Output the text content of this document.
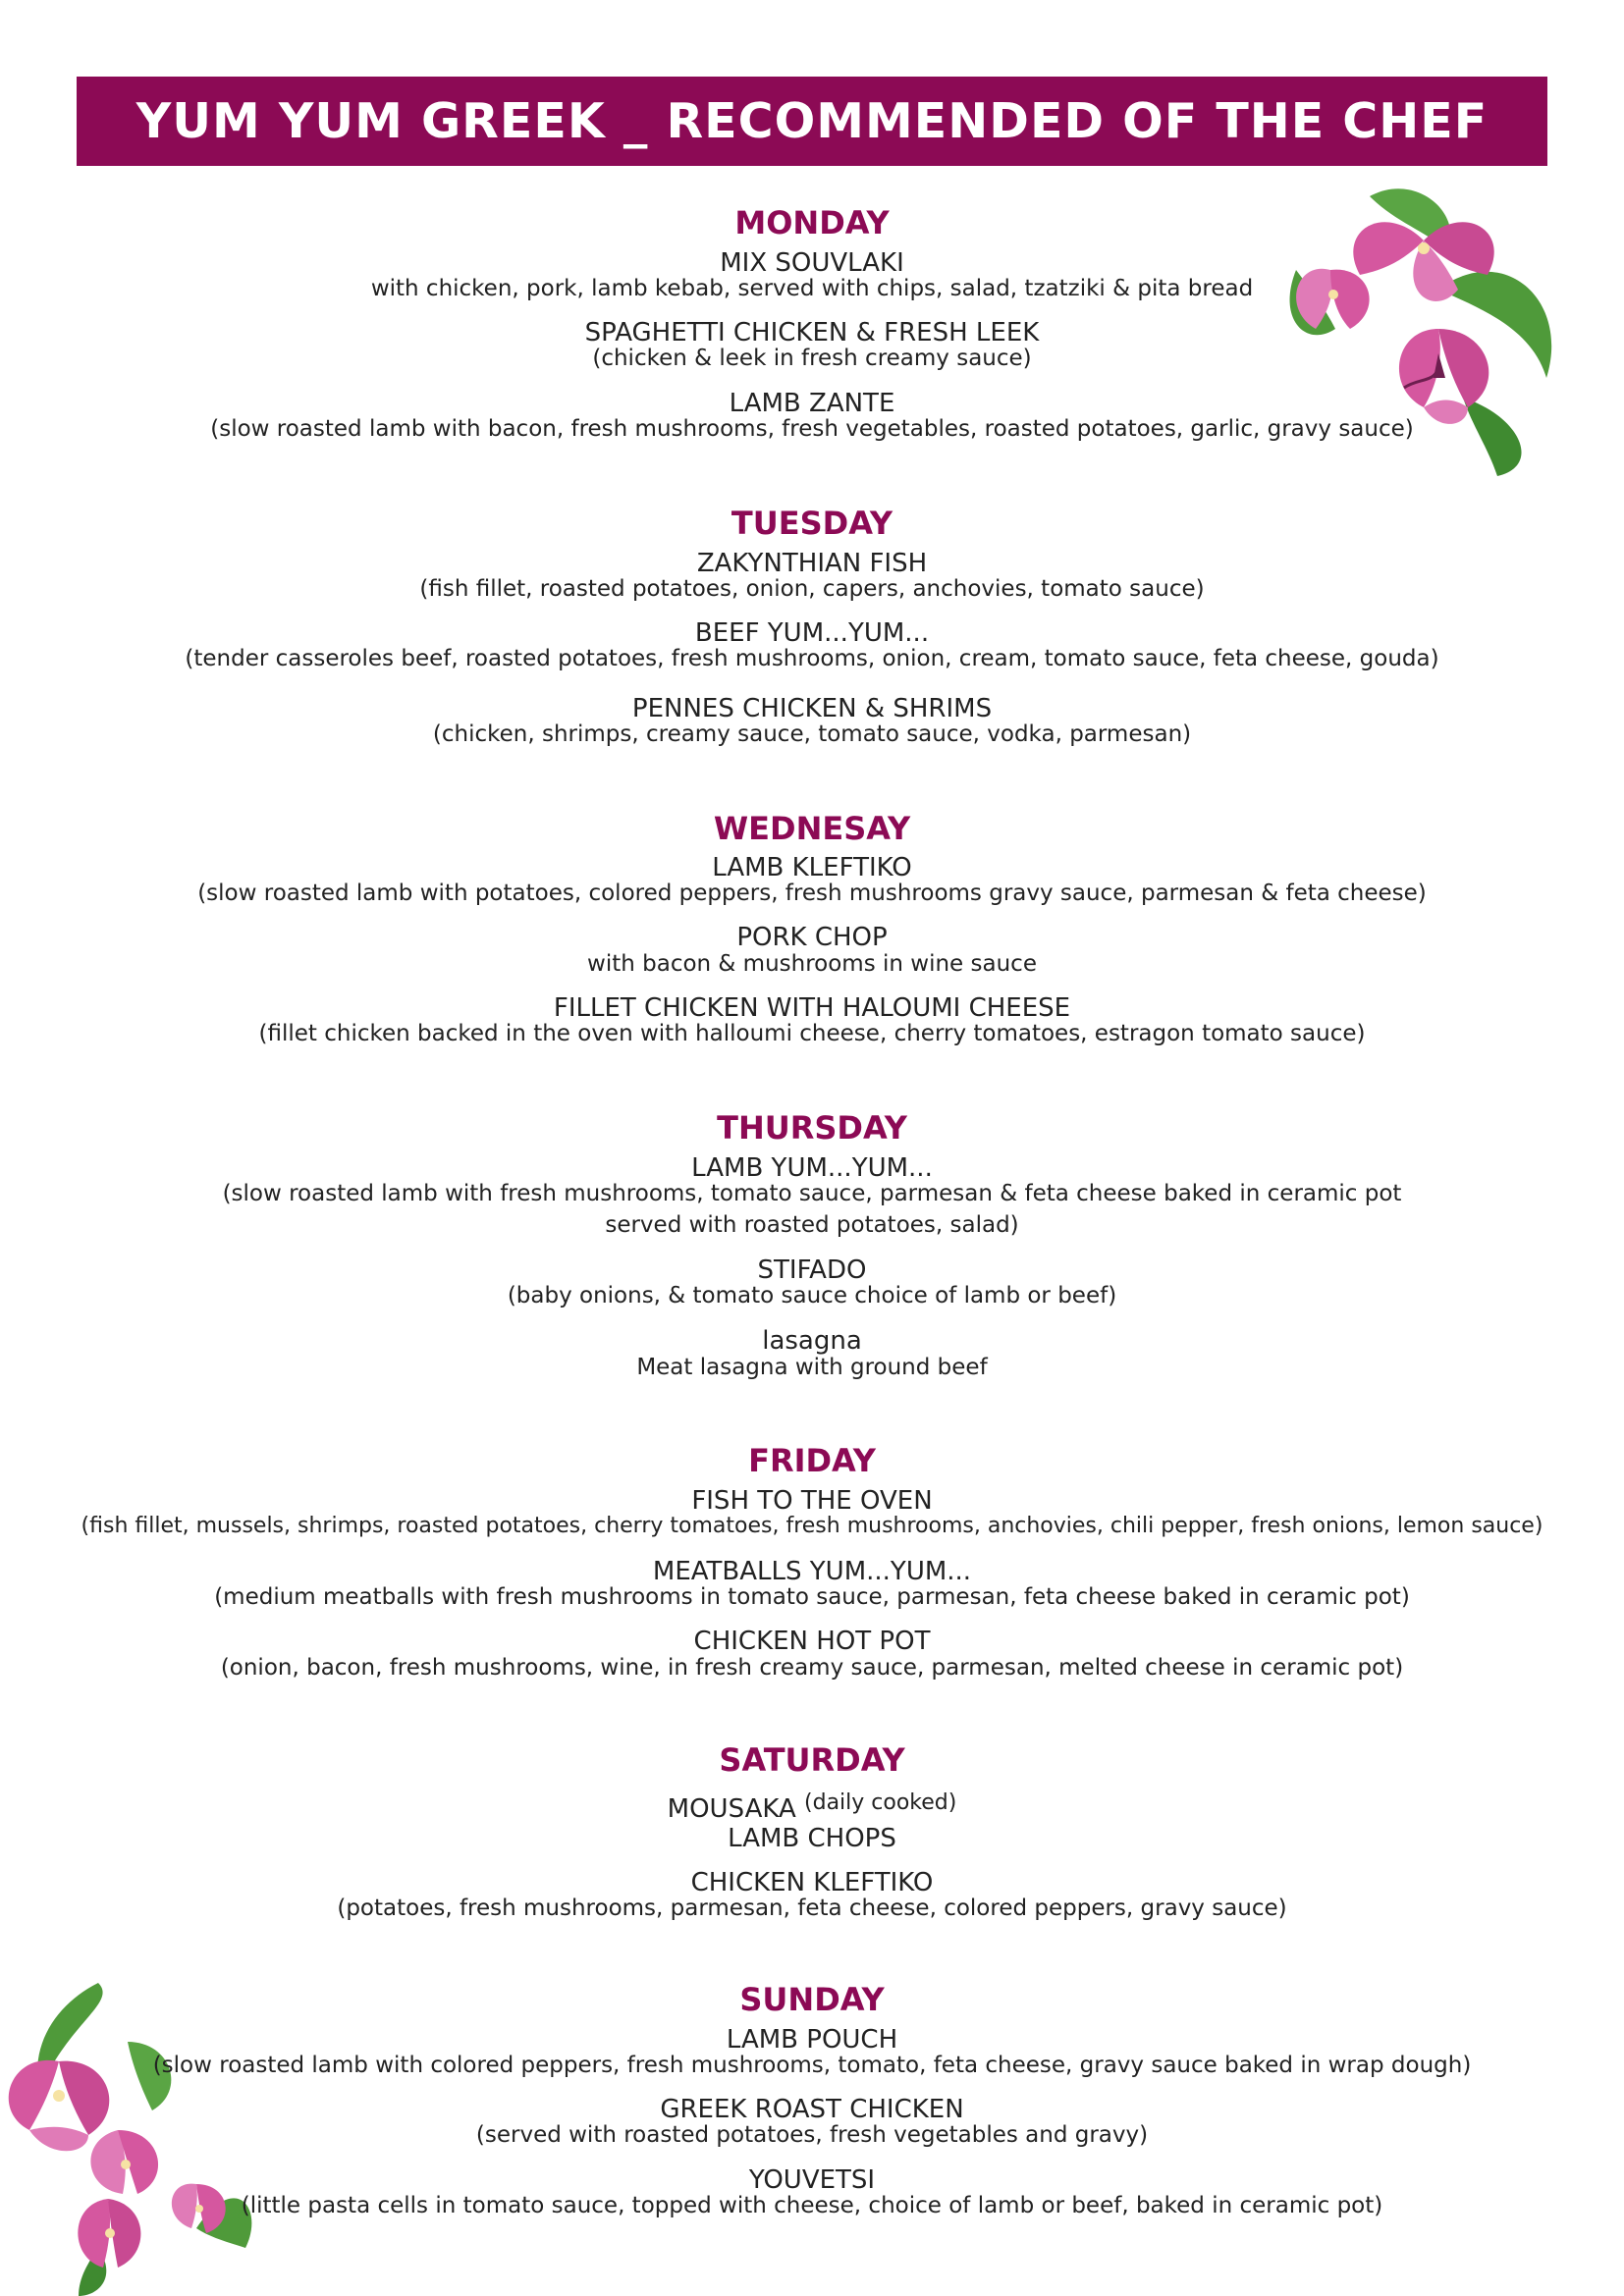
YUM YUM GREEK _ RECOMMENDED OF THE CHEF
MONDAY
MIX SOUVLAKI
with chicken, pork, lamb kebab, served with chips, salad, tzatziki & pita bread
SPAGHETTI CHICKEN & FRESH LEEK
(chicken & leek in fresh creamy sauce)
LAMB ZANTE
(slow roasted lamb with bacon, fresh mushrooms, fresh vegetables, roasted potatoes, garlic, gravy sauce)
TUESDAY
ZAKYNTHIAN FISH
(fish fillet, roasted potatoes, onion, capers, anchovies, tomato sauce)
BEEF YUM...YUM...
(tender casseroles beef, roasted potatoes, fresh mushrooms, onion, cream, tomato sauce, feta cheese, gouda)
PENNES CHICKEN & SHRIMS
(chicken, shrimps, creamy sauce, tomato sauce, vodka, parmesan)
WEDNESAY
LAMB KLEFTIKO
(slow roasted lamb with potatoes, colored peppers, fresh mushrooms gravy sauce, parmesan & feta cheese)
PORK CHOP
with bacon & mushrooms in wine sauce
FILLET CHICKEN WITH HALOUMI CHEESE
(fillet chicken backed in the oven with halloumi cheese, cherry tomatoes, estragon tomato sauce)
THURSDAY
LAMB YUM...YUM...
(slow roasted lamb with fresh mushrooms, tomato sauce, parmesan & feta cheese baked in ceramic pot
served with roasted potatoes, salad)
STIFADO
(baby onions, & tomato sauce choice of lamb or beef)
lasagna
Meat lasagna with ground beef
FRIDAY
FISH TO THE OVEN
(fish fillet, mussels, shrimps, roasted potatoes, cherry tomatoes, fresh mushrooms, anchovies, chili pepper, fresh onions, lemon sauce)
MEATBALLS YUM...YUM...
(medium meatballs with fresh mushrooms in tomato sauce, parmesan, feta cheese baked in ceramic pot)
CHICKEN HOT POT
(onion, bacon, fresh mushrooms, wine, in fresh creamy sauce, parmesan, melted cheese in ceramic pot)
SATURDAY
MOUSAKA $^{(daily cooked)}$
LAMB CHOPS
CHICKEN KLEFTIKO
(potatoes, fresh mushrooms, parmesan, feta cheese, colored peppers, gravy sauce)
SUNDAY
LAMB POUCH
(slow roasted lamb with colored peppers, fresh mushrooms, tomato, feta cheese, gravy sauce baked in wrap dough)
GREEK ROAST CHICKEN
(served with roasted potatoes, fresh vegetables and gravy)
YOUVETSI
(little pasta cells in tomato sauce, topped with cheese, choice of lamb or beef, baked in ceramic pot)
